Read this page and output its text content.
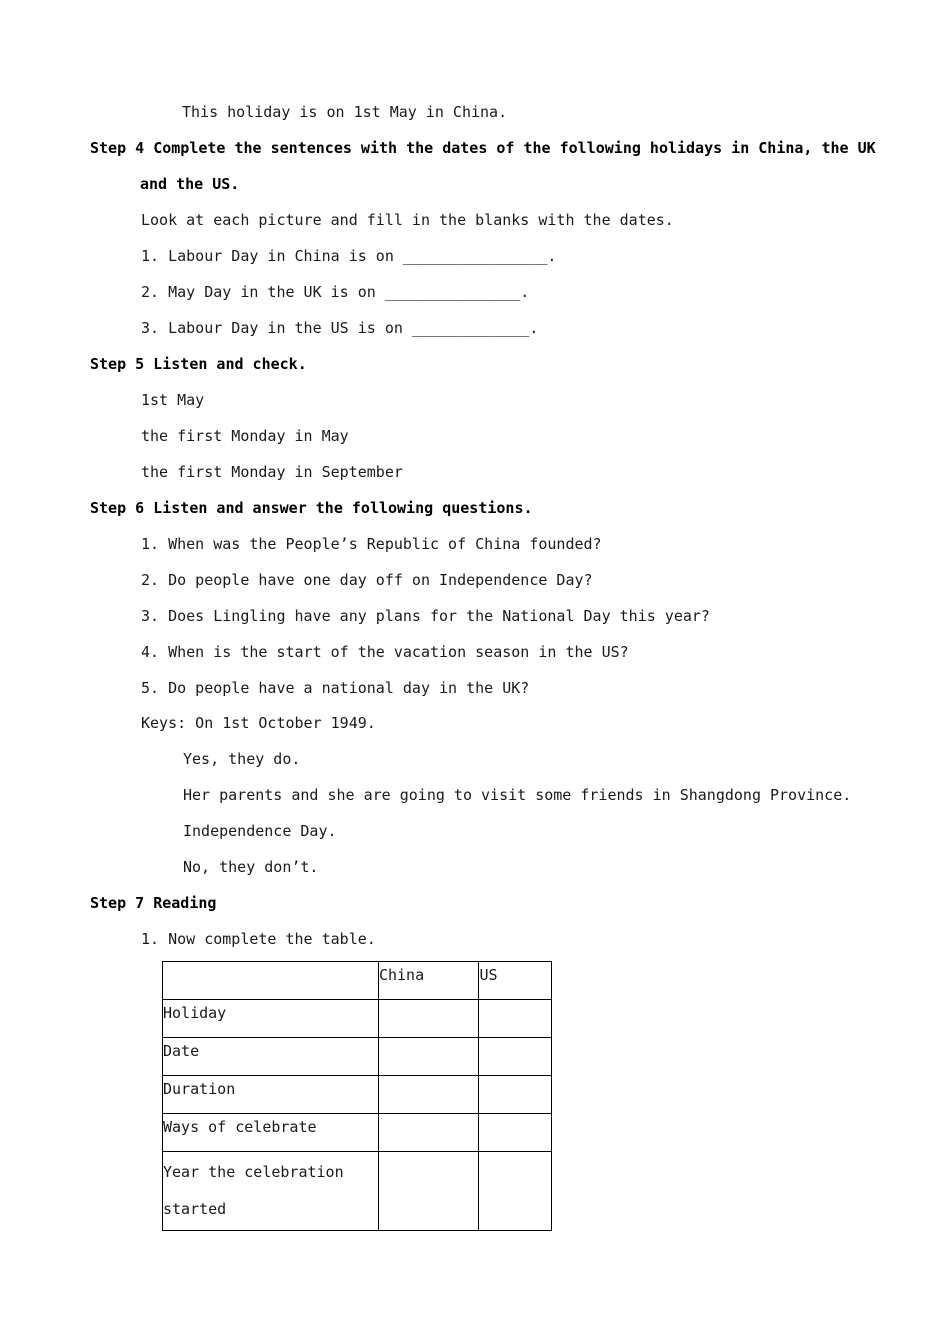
This holiday is on 1st May in China.
Step 4 Complete the sentences with the dates of the following holidays in China, the UK
and the US.
Look at each picture and fill in the blanks with the dates.
1. Labour Day in China is on ________________.
2. May Day in the UK is on _______________.
3. Labour Day in the US is on _____________.
Step 5 Listen and check.
1st May
the first Monday in May
the first Monday in September
Step 6 Listen and answer the following questions.
1. When was the People’s Republic of China founded?
2. Do people have one day off on Independence Day?
3. Does Lingling have any plans for the National Day this year?
4. When is the start of the vacation season in the US?
5. Do people have a national day in the UK?
Keys: On 1st October 1949.
Yes, they do.
Her parents and she are going to visit some friends in Shangdong Province.
Independence Day.
No, they don’t.
Step 7 Reading
1. Now complete the table.

	China	US

Holiday		

Date		

Duration		

Ways of celebrate		

Year the celebration
started		
